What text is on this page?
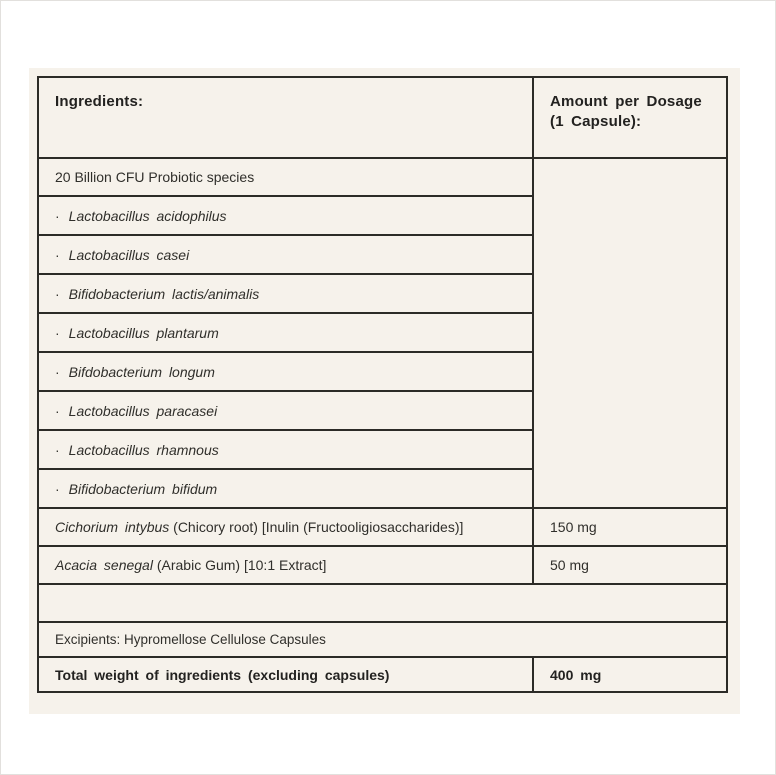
Ingredients:	Amount per Dosage (1 Capsule):
20 Billion CFU Probiotic species	
· Lactobacillus acidophilus	
· Lactobacillus casei	
· Bifidobacterium lactis/animalis	
· Lactobacillus plantarum	
· Bifdobacterium longum	
· Lactobacillus paracasei	
· Lactobacillus rhamnous	
· Bifidobacterium bifidum	
Cichorium intybus (Chicory root) [Inulin (Fructooligiosaccharides)]	150 mg
Acacia senegal (Arabic Gum) [10:1 Extract]	50 mg

Excipients: Hypromellose Cellulose Capsules	
Total weight of ingredients (excluding capsules)	400 mg
